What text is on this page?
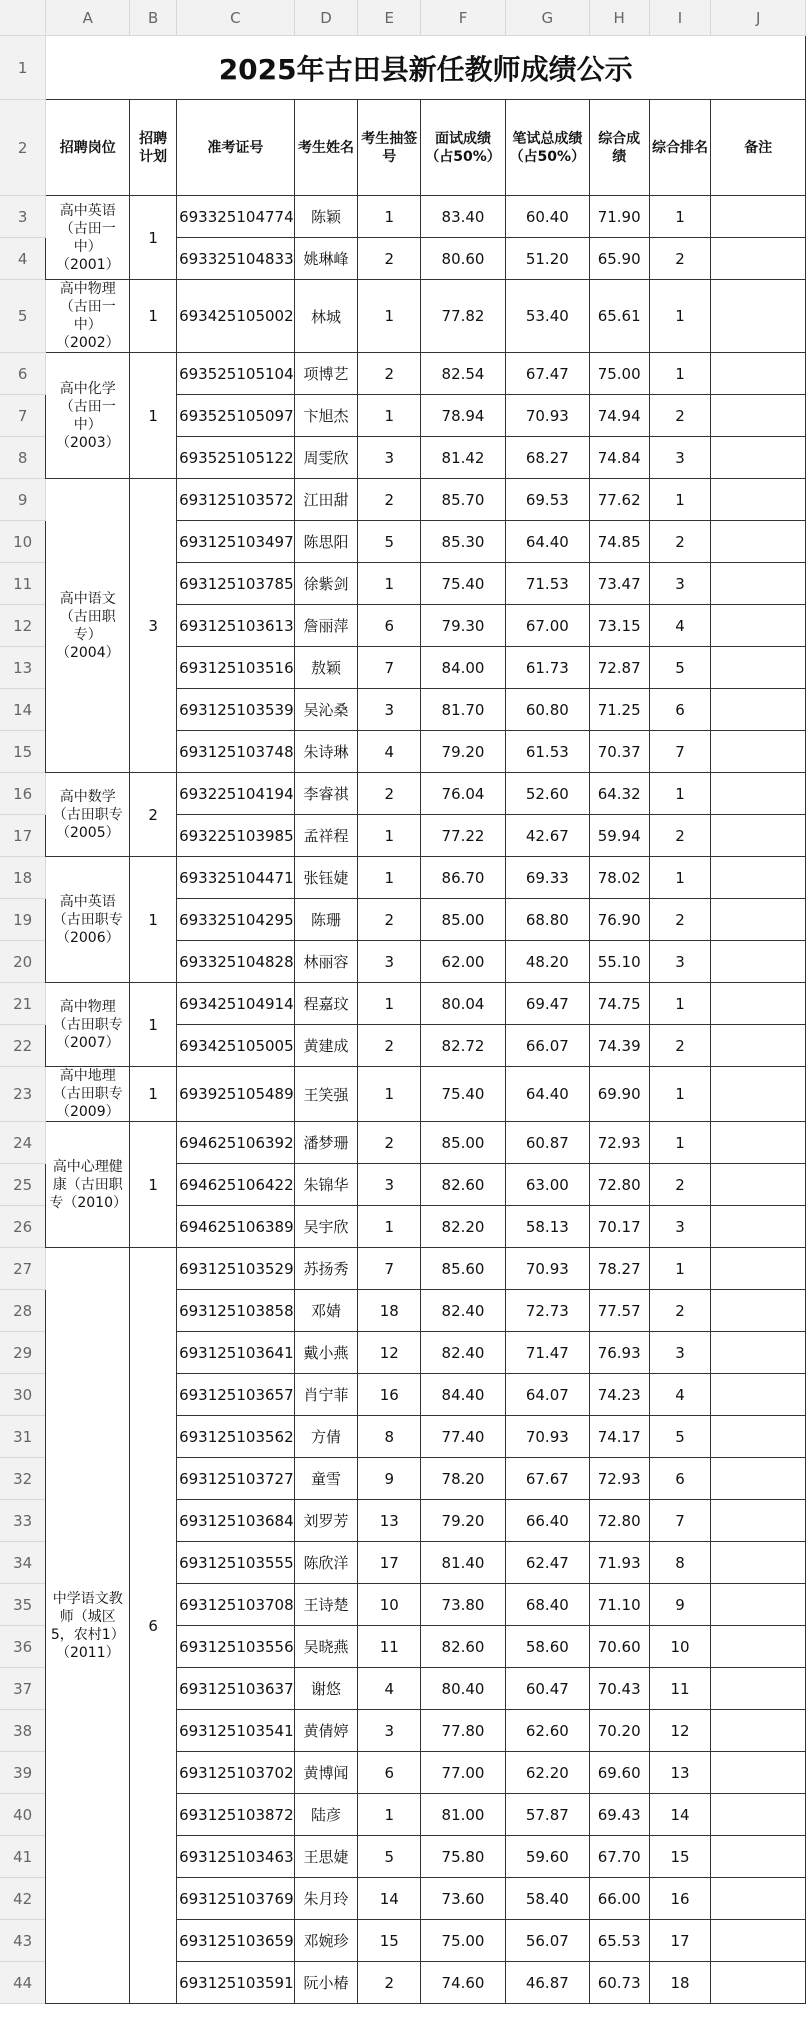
	A	B	C	D	E	F	G	H	I	J
1	2025年古田县新任教师成绩公示									
2	招聘岗位	招聘计划	准考证号	考生姓名	考生抽签号	面试成绩（占50%）	笔试总成绩（占50%）	综合成绩	综合排名	备注
3	高中英语（古田一中）（2001）	1	693325104774	陈颖	1	83.40	60.40	71.90	1	
4			693325104833	姚琳峰	2	80.60	51.20	65.90	2	
5	高中物理（古田一中）（2002）	1	693425105002	林城	1	77.82	53.40	65.61	1	
6	高中化学（古田一中）（2003）	1	693525105104	项博艺	2	82.54	67.47	75.00	1	
7			693525105097	卞旭杰	1	78.94	70.93	74.94	2	
8			693525105122	周雯欣	3	81.42	68.27	74.84	3	
9	高中语文（古田职专）（2004）	3	693125103572	江田甜	2	85.70	69.53	77.62	1	
10			693125103497	陈思阳	5	85.30	64.40	74.85	2	
11			693125103785	徐紫剑	1	75.40	71.53	73.47	3	
12			693125103613	詹丽萍	6	79.30	67.00	73.15	4	
13			693125103516	敖颖	7	84.00	61.73	72.87	5	
14			693125103539	吴沁桑	3	81.70	60.80	71.25	6	
15			693125103748	朱诗琳	4	79.20	61.53	70.37	7	
16	高中数学（古田职专（2005）	2	693225104194	李睿祺	2	76.04	52.60	64.32	1	
17			693225103985	孟祥程	1	77.22	42.67	59.94	2	
18	高中英语（古田职专（2006）	1	693325104471	张钰婕	1	86.70	69.33	78.02	1	
19			693325104295	陈珊	2	85.00	68.80	76.90	2	
20			693325104828	林丽容	3	62.00	48.20	55.10	3	
21	高中物理（古田职专（2007）	1	693425104914	程嘉玟	1	80.04	69.47	74.75	1	
22			693425105005	黄建成	2	82.72	66.07	74.39	2	
23	高中地理（古田职专（2009）	1	693925105489	王笑强	1	75.40	64.40	69.90	1	
24	高中心理健康（古田职专（2010）	1	694625106392	潘梦珊	2	85.00	60.87	72.93	1	
25			694625106422	朱锦华	3	82.60	63.00	72.80	2	
26			694625106389	吴宇欣	1	82.20	58.13	70.17	3	
27	中学语文教师（城区5，农村1）（2011）	6	693125103529	苏扬秀	7	85.60	70.93	78.27	1	
28			693125103858	邓婧	18	82.40	72.73	77.57	2	
29			693125103641	戴小燕	12	82.40	71.47	76.93	3	
30			693125103657	肖宁菲	16	84.40	64.07	74.23	4	
31			693125103562	方倩	8	77.40	70.93	74.17	5	
32			693125103727	童雪	9	78.20	67.67	72.93	6	
33			693125103684	刘罗芳	13	79.20	66.40	72.80	7	
34			693125103555	陈欣洋	17	81.40	62.47	71.93	8	
35			693125103708	王诗楚	10	73.80	68.40	71.10	9	
36			693125103556	吴晓燕	11	82.60	58.60	70.60	10	
37			693125103637	谢悠	4	80.40	60.47	70.43	11	
38			693125103541	黄倩婷	3	77.80	62.60	70.20	12	
39			693125103702	黄博闻	6	77.00	62.20	69.60	13	
40			693125103872	陆彦	1	81.00	57.87	69.43	14	
41			693125103463	王思婕	5	75.80	59.60	67.70	15	
42			693125103769	朱月玲	14	73.60	58.40	66.00	16	
43			693125103659	邓婉珍	15	75.00	56.07	65.53	17	
44			693125103591	阮小椿	2	74.60	46.87	60.73	18	
